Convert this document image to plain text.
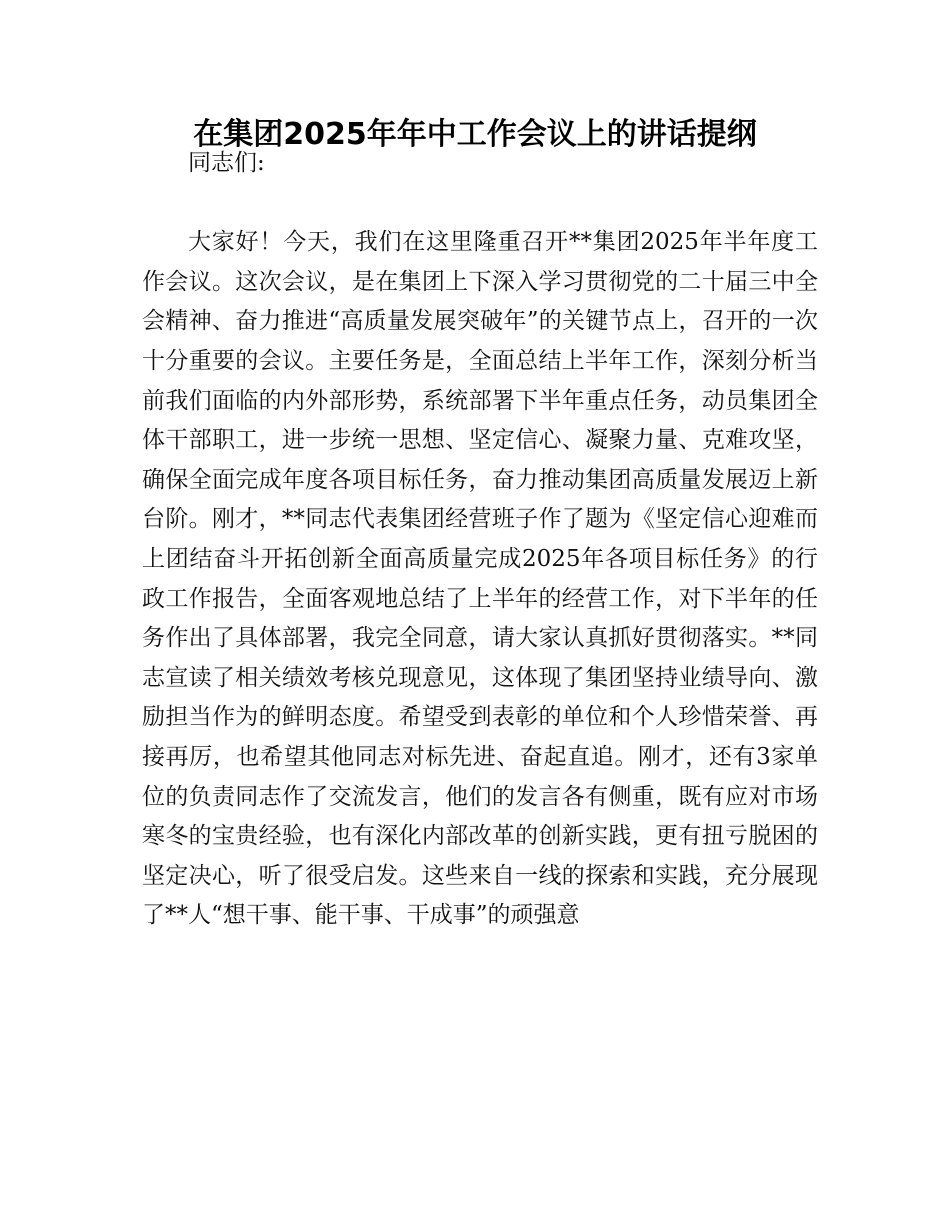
在集团2025年年中工作会议上的讲话提纲

同志们:

大家好！今天，我们在这里隆重召开**集团2025年半年度工作会议。这次会议，是在集团上下深入学习贯彻党的二十届三中全会精神、奋力推进“高质量发展突破年”的关键节点上，召开的一次十分重要的会议。主要任务是，全面总结上半年工作，深刻分析当前我们面临的内外部形势，系统部署下半年重点任务，动员集团全体干部职工，进一步统一思想、坚定信心、凝聚力量、克难攻坚，确保全面完成年度各项目标任务，奋力推动集团高质量发展迈上新台阶。刚才，**同志代表集团经营班子作了题为《坚定信心迎难而上团结奋斗开拓创新全面高质量完成2025年各项目标任务》的行政工作报告，全面客观地总结了上半年的经营工作，对下半年的任务作出了具体部署，我完全同意，请大家认真抓好贯彻落实。**同志宣读了相关绩效考核兑现意见，这体现了集团坚持业绩导向、激励担当作为的鲜明态度。希望受到表彰的单位和个人珍惜荣誉、再接再厉，也希望其他同志对标先进、奋起直追。刚才，还有3家单位的负责同志作了交流发言，他们的发言各有侧重，既有应对市场寒冬的宝贵经验，也有深化内部改革的创新实践，更有扭亏脱困的坚定决心，听了很受启发。这些来自一线的探索和实践，充分展现了**人“想干事、能干事、干成事”的顽强意
